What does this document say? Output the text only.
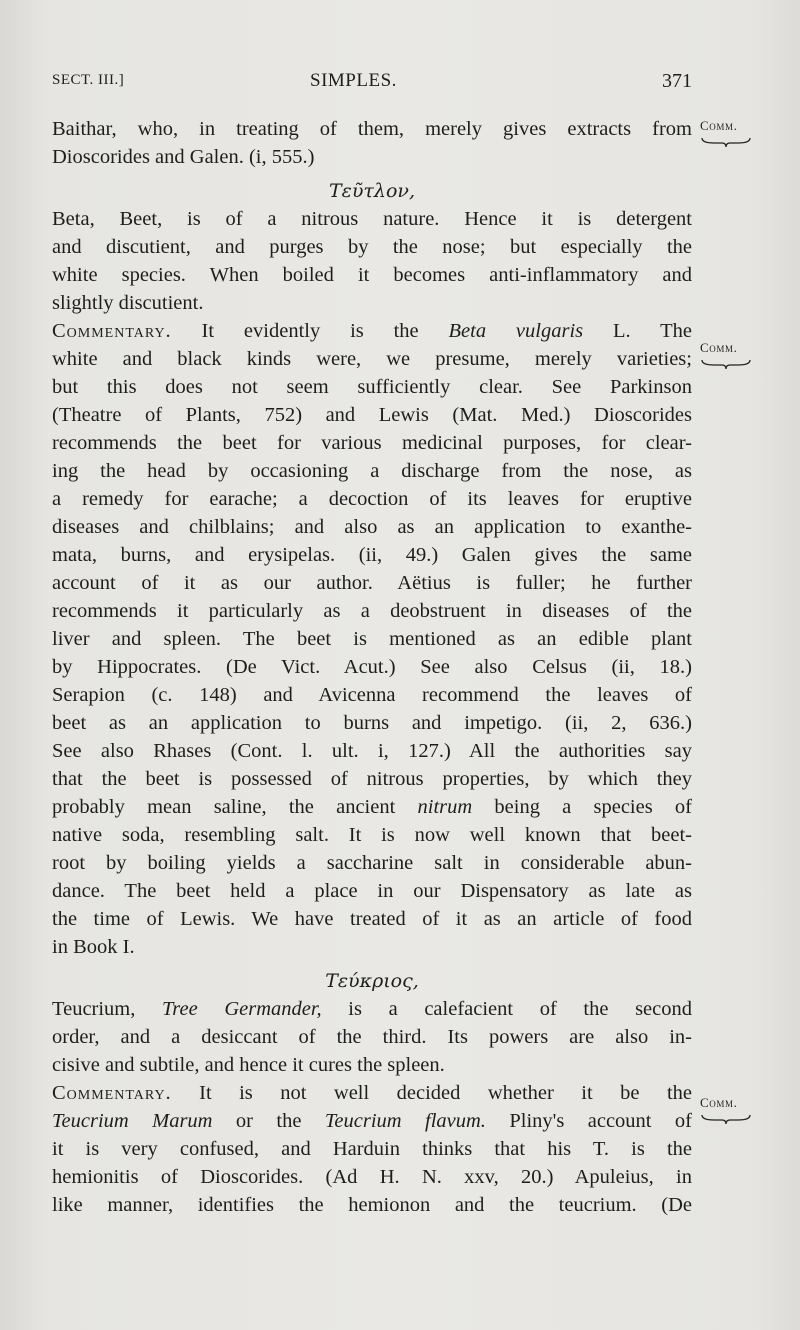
SECT. III.]	SIMPLES.	371
Comm.
Comm.
Comm.
Baithar, who, in treating of them, merely gives extracts from
Dioscorides and Galen. (i, 555.)
Τεῦτλον,
Beta, Beet, is of a nitrous nature. Hence it is detergent
and discutient, and purges by the nose; but especially the
white species. When boiled it becomes anti-inflammatory and
slightly discutient.
Commentary. It evidently is the Beta vulgaris L. The
white and black kinds were, we presume, merely varieties;
but this does not seem sufficiently clear. See Parkinson
(Theatre of Plants, 752) and Lewis (Mat. Med.) Dioscorides
recommends the beet for various medicinal purposes, for clear-
ing the head by occasioning a discharge from the nose, as
a remedy for earache; a decoction of its leaves for eruptive
diseases and chilblains; and also as an application to exanthe-
mata, burns, and erysipelas. (ii, 49.) Galen gives the same
account of it as our author. Aëtius is fuller; he further
recommends it particularly as a deobstruent in diseases of the
liver and spleen. The beet is mentioned as an edible plant
by Hippocrates. (De Vict. Acut.) See also Celsus (ii, 18.)
Serapion (c. 148) and Avicenna recommend the leaves of
beet as an application to burns and impetigo. (ii, 2, 636.)
See also Rhases (Cont. l. ult. i, 127.) All the authorities say
that the beet is possessed of nitrous properties, by which they
probably mean saline, the ancient nitrum being a species of
native soda, resembling salt. It is now well known that beet-
root by boiling yields a saccharine salt in considerable abun-
dance. The beet held a place in our Dispensatory as late as
the time of Lewis. We have treated of it as an article of food
in Book I.
Τεύκριος,
Teucrium, Tree Germander, is a calefacient of the second
order, and a desiccant of the third. Its powers are also in-
cisive and subtile, and hence it cures the spleen.
Commentary. It is not well decided whether it be the
Teucrium Marum or the Teucrium flavum. Pliny's account of
it is very confused, and Harduin thinks that his T. is the
hemionitis of Dioscorides. (Ad H. N. xxv, 20.) Apuleius, in
like manner, identifies the hemionon and the teucrium. (De
